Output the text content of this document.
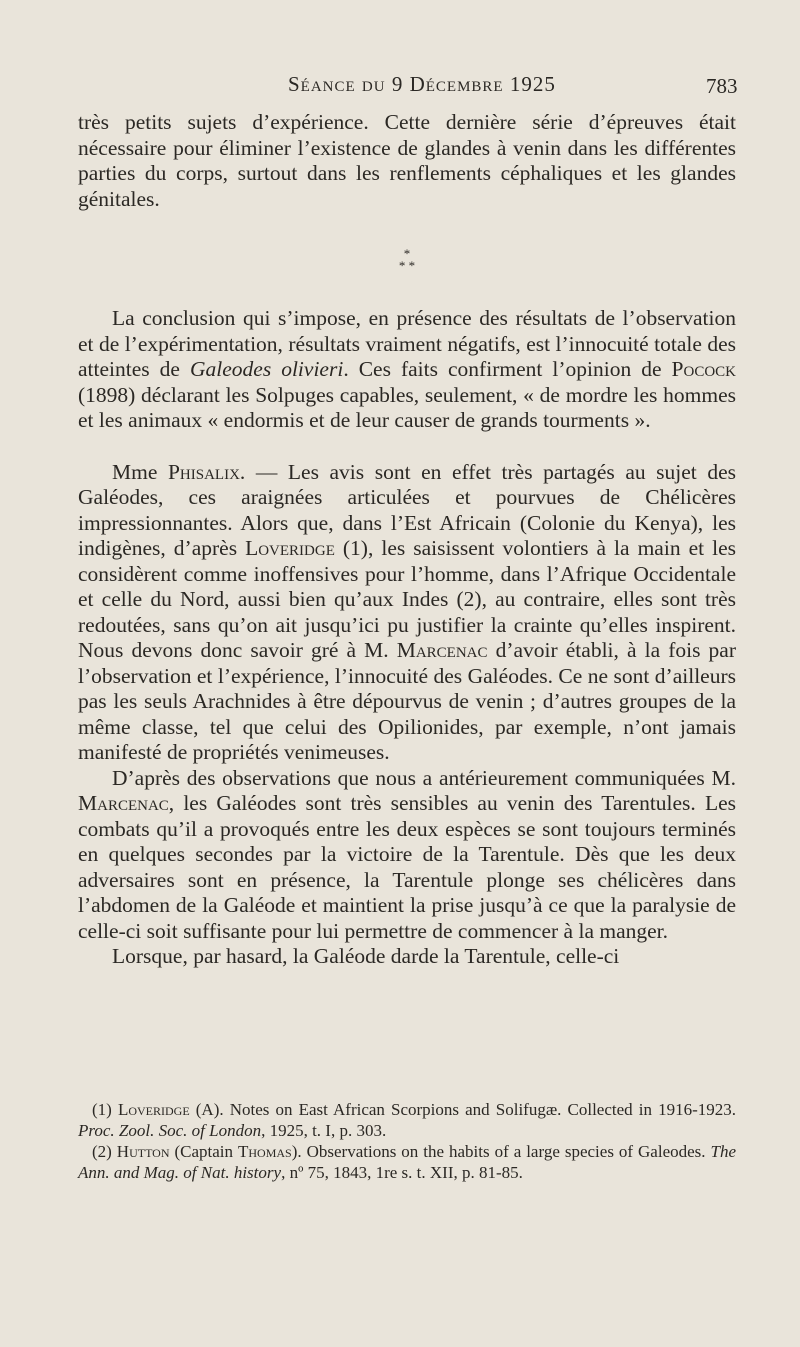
Séance du 9 Décembre 1925	783

très petits sujets d’expérience. Cette dernière série d’épreuves était nécessaire pour éliminer l’existence de glandes à venin dans les différentes parties du corps, surtout dans les renflements céphaliques et les glandes génitales.

*
* *

La conclusion qui s’impose, en présence des résultats de l’observation et de l’expérimentation, résultats vraiment négatifs, est l’innocuité totale des atteintes de Galeodes olivieri. Ces faits confirment l’opinion de Pocock (1898) déclarant les Solpuges capables, seulement, « de mordre les hommes et les animaux « endormis et de leur causer de grands tourments ».

Mme Phisalix. — Les avis sont en effet très partagés au sujet des Galéodes, ces araignées articulées et pourvues de Chélicères impressionnantes. Alors que, dans l’Est Africain (Colonie du Kenya), les indigènes, d’après Loveridge (1), les saisissent volontiers à la main et les considèrent comme inoffensives pour l’homme, dans l’Afrique Occidentale et celle du Nord, aussi bien qu’aux Indes (2), au contraire, elles sont très redoutées, sans qu’on ait jusqu’ici pu justifier la crainte qu’elles inspirent. Nous devons donc savoir gré à M. Marcenac d’avoir établi, à la fois par l’observation et l’expérience, l’innocuité des Galéodes. Ce ne sont d’ailleurs pas les seuls Arachnides à être dépourvus de venin ; d’autres groupes de la même classe, tel que celui des Opilionides, par exemple, n’ont jamais manifesté de propriétés venimeuses.

D’après des observations que nous a antérieurement communiquées M. Marcenac, les Galéodes sont très sensibles au venin des Tarentules. Les combats qu’il a provoqués entre les deux espèces se sont toujours terminés en quelques secondes par la victoire de la Tarentule. Dès que les deux adversaires sont en présence, la Tarentule plonge ses chélicères dans l’abdomen de la Galéode et maintient la prise jusqu’à ce que la paralysie de celle-ci soit suffisante pour lui permettre de commencer à la manger.

Lorsque, par hasard, la Galéode darde la Tarentule, celle-ci

(1) Loveridge (A). Notes on East African Scorpions and Solifugæ. Collected in 1916-1923. Proc. Zool. Soc. of London, 1925, t. I, p. 303.

(2) Hutton (Captain Thomas). Observations on the habits of a large species of Galeodes. The Ann. and Mag. of Nat. history, nº 75, 1843, 1re s. t. XII, p. 81-85.
